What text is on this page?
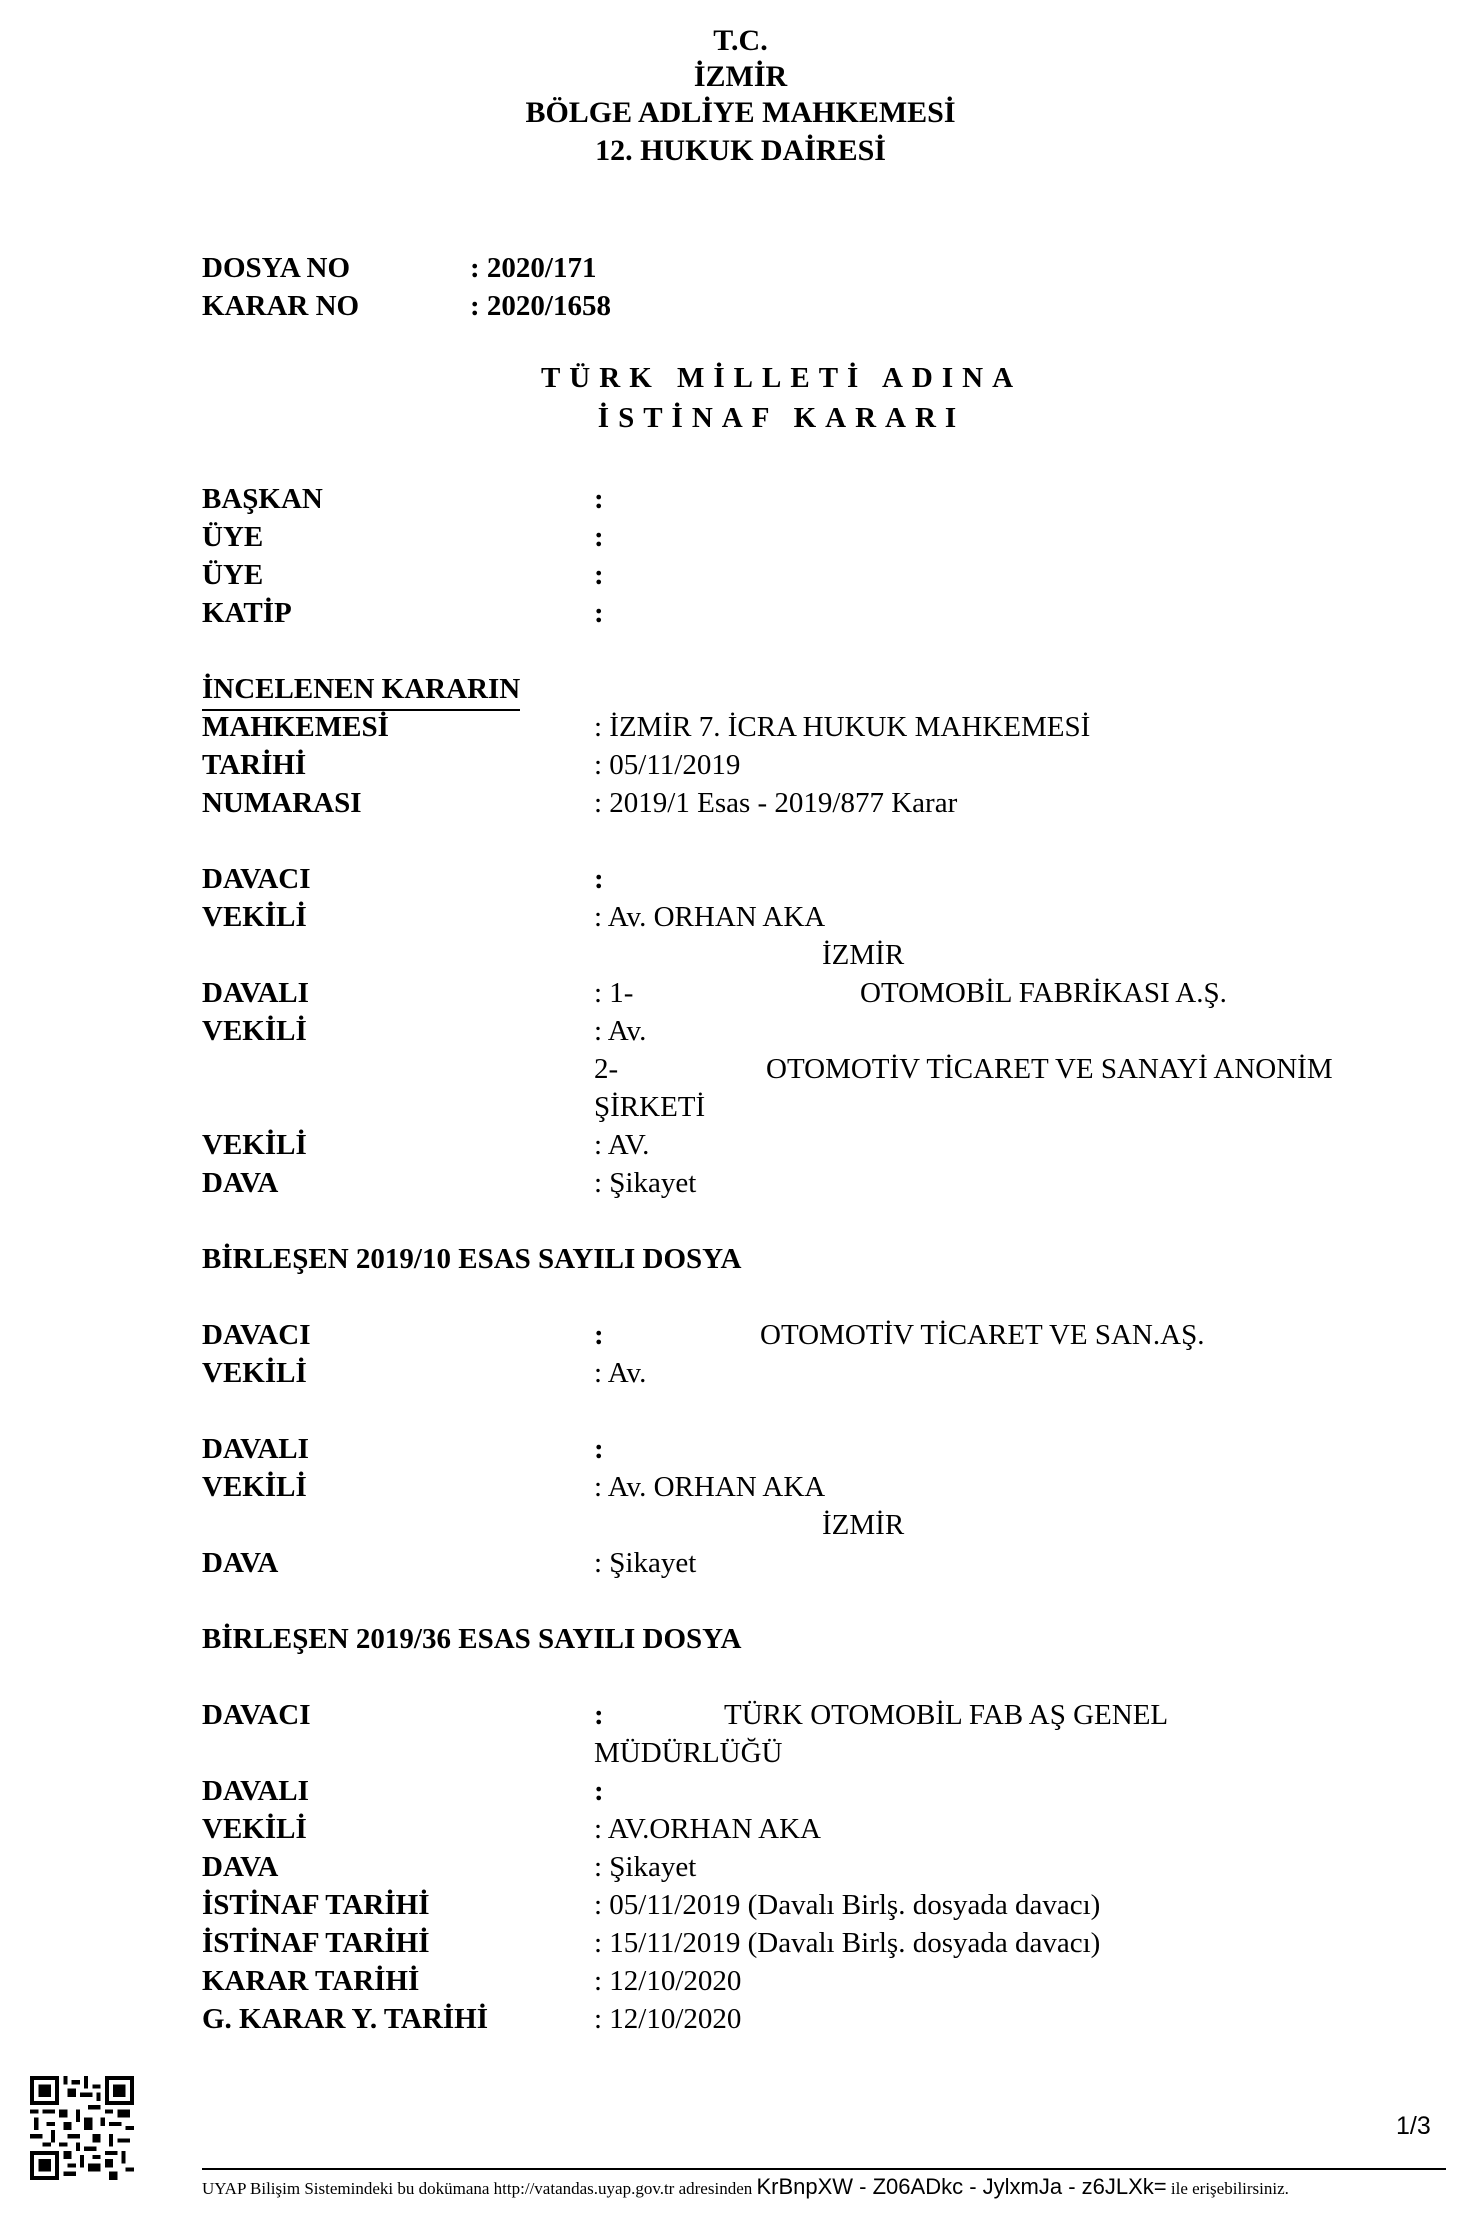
T.C.
İZMİR
BÖLGE ADLİYE MAHKEMESİ
12. HUKUK DAİRESİ
DOSYA NO	: 2020/171
KARAR NO	: 2020/1658
TÜRK MİLLETİ ADINA
İSTİNAF KARARI
BAŞKAN	:
ÜYE	:
ÜYE	:
KATİP	:
İNCELENEN KARARIN
MAHKEMESİ	: İZMİR 7. İCRA HUKUK MAHKEMESİ
TARİHİ	: 05/11/2019
NUMARASI	: 2019/1 Esas - 2019/877 Karar
DAVACI	:
VEKİLİ	: Av. ORHAN AKA
İZMİR
DAVALI	: 1-	OTOMOBİL FABRİKASI A.Ş.
VEKİLİ	: Av.
2-	OTOMOTİV TİCARET VE SANAYİ ANONİM
ŞİRKETİ
VEKİLİ	: AV.
DAVA	: Şikayet
BİRLEŞEN 2019/10 ESAS SAYILI DOSYA
DAVACI	:	OTOMOTİV TİCARET VE SAN.AŞ.
VEKİLİ	: Av.
DAVALI	:
VEKİLİ	: Av. ORHAN AKA
İZMİR
DAVA	: Şikayet
BİRLEŞEN 2019/36 ESAS SAYILI DOSYA
DAVACI	:	TÜRK OTOMOBİL FAB AŞ GENEL
MÜDÜRLÜĞÜ
DAVALI	:
VEKİLİ	: AV.ORHAN AKA
DAVA	: Şikayet
İSTİNAF TARİHİ	: 05/11/2019 (Davalı Birlş. dosyada davacı)
İSTİNAF TARİHİ	: 15/11/2019 (Davalı Birlş. dosyada davacı)
KARAR TARİHİ	: 12/10/2020
G. KARAR Y. TARİHİ	: 12/10/2020
1/3
UYAP Bilişim Sistemindeki bu dokümana http://vatandas.uyap.gov.tr adresinden KrBnpXW - Z06ADkc - JylxmJa - z6JLXk= ile erişebilirsiniz.
